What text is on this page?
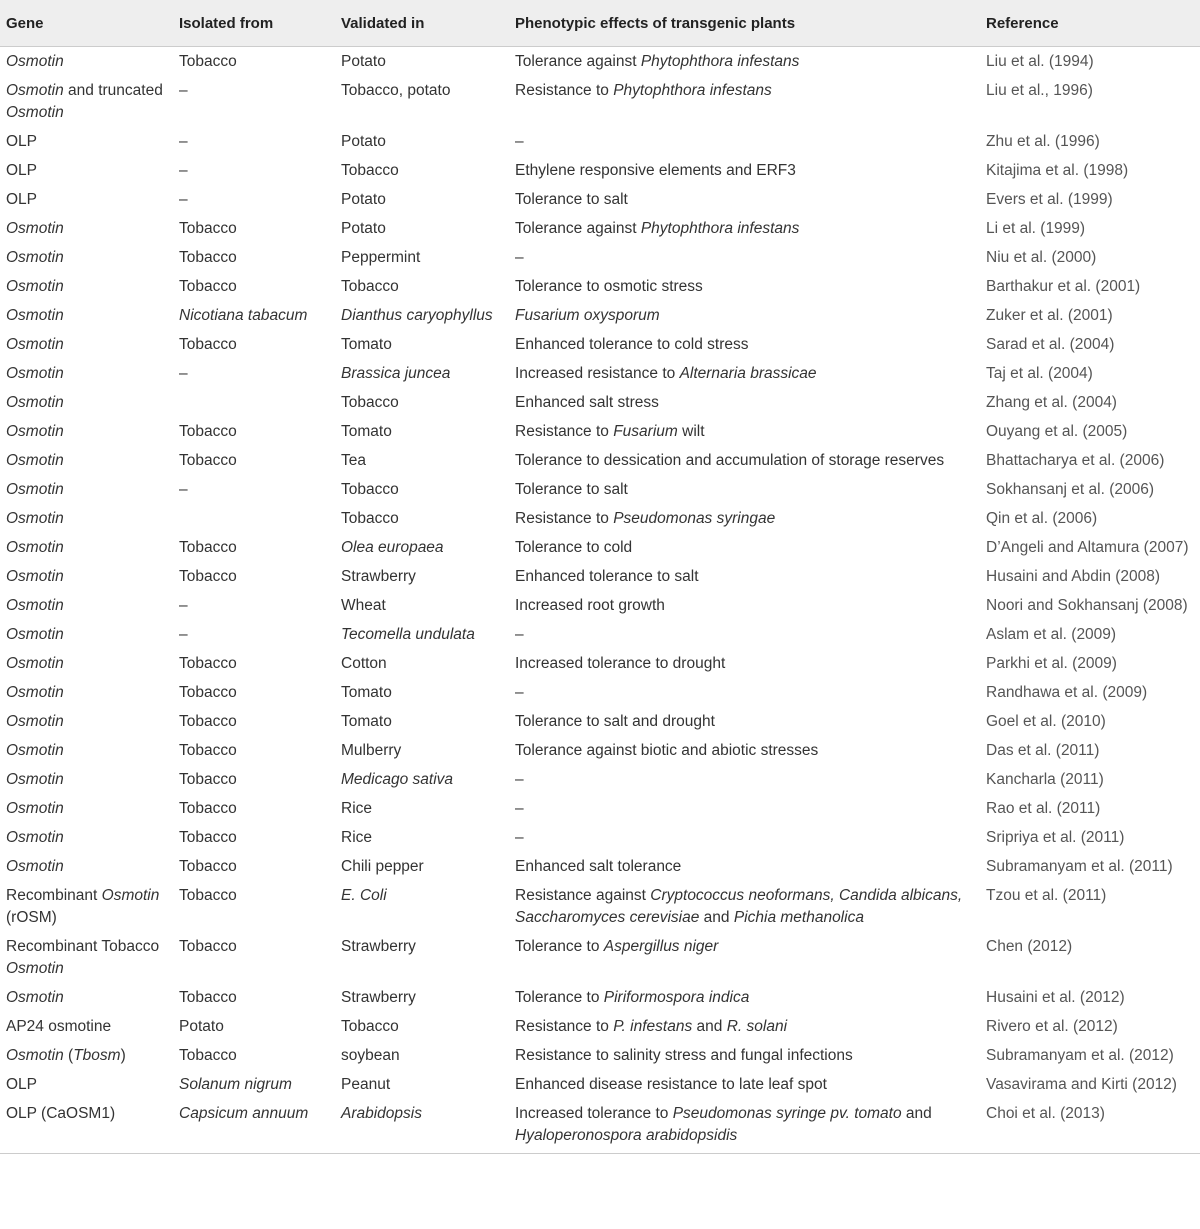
Gene	Isolated from	Validated in	Phenotypic effects of transgenic plants	Reference
Osmotin	Tobacco	Potato	Tolerance against Phytophthora infestans	Liu et al. (1994)
Osmotin and truncated Osmotin	–	Tobacco, potato	Resistance to Phytophthora infestans	Liu et al., 1996)
OLP	–	Potato	–	Zhu et al. (1996)
OLP	–	Tobacco	Ethylene responsive elements and ERF3	Kitajima et al. (1998)
OLP	–	Potato	Tolerance to salt	Evers et al. (1999)
Osmotin	Tobacco	Potato	Tolerance against Phytophthora infestans	Li et al. (1999)
Osmotin	Tobacco	Peppermint	–	Niu et al. (2000)
Osmotin	Tobacco	Tobacco	Tolerance to osmotic stress	Barthakur et al. (2001)
Osmotin	Nicotiana tabacum	Dianthus caryophyllus	Fusarium oxysporum	Zuker et al. (2001)
Osmotin	Tobacco	Tomato	Enhanced tolerance to cold stress	Sarad et al. (2004)
Osmotin	–	Brassica juncea	Increased resistance to Alternaria brassicae	Taj et al. (2004)
Osmotin		Tobacco	Enhanced salt stress	Zhang et al. (2004)
Osmotin	Tobacco	Tomato	Resistance to Fusarium wilt	Ouyang et al. (2005)
Osmotin	Tobacco	Tea	Tolerance to dessication and accumulation of storage reserves	Bhattacharya et al. (2006)
Osmotin	–	Tobacco	Tolerance to salt	Sokhansanj et al. (2006)
Osmotin		Tobacco	Resistance to Pseudomonas syringae	Qin et al. (2006)
Osmotin	Tobacco	Olea europaea	Tolerance to cold	D’Angeli and Altamura (2007)
Osmotin	Tobacco	Strawberry	Enhanced tolerance to salt	Husaini and Abdin (2008)
Osmotin	–	Wheat	Increased root growth	Noori and Sokhansanj (2008)
Osmotin	–	Tecomella undulata	–	Aslam et al. (2009)
Osmotin	Tobacco	Cotton	Increased tolerance to drought	Parkhi et al. (2009)
Osmotin	Tobacco	Tomato	–	Randhawa et al. (2009)
Osmotin	Tobacco	Tomato	Tolerance to salt and drought	Goel et al. (2010)
Osmotin	Tobacco	Mulberry	Tolerance against biotic and abiotic stresses	Das et al. (2011)
Osmotin	Tobacco	Medicago sativa	–	Kancharla (2011)
Osmotin	Tobacco	Rice	–	Rao et al. (2011)
Osmotin	Tobacco	Rice	–	Sripriya et al. (2011)
Osmotin	Tobacco	Chili pepper	Enhanced salt tolerance	Subramanyam et al. (2011)
Recombinant Osmotin (rOSM)	Tobacco	E. Coli	Resistance against Cryptococcus neoformans, Candida albicans, Saccharomyces cerevisiae and Pichia methanolica	Tzou et al. (2011)
Recombinant Tobacco Osmotin	Tobacco	Strawberry	Tolerance to Aspergillus niger	Chen (2012)
Osmotin	Tobacco	Strawberry	Tolerance to Piriformospora indica	Husaini et al. (2012)
AP24 osmotine	Potato	Tobacco	Resistance to P. infestans and R. solani	Rivero et al. (2012)
Osmotin (Tbosm)	Tobacco	soybean	Resistance to salinity stress and fungal infections	Subramanyam et al. (2012)
OLP	Solanum nigrum	Peanut	Enhanced disease resistance to late leaf spot	Vasavirama and Kirti (2012)
OLP (CaOSM1)	Capsicum annuum	Arabidopsis	Increased tolerance to Pseudomonas syringe pv. tomato and Hyaloperonospora arabidopsidis	Choi et al. (2013)
